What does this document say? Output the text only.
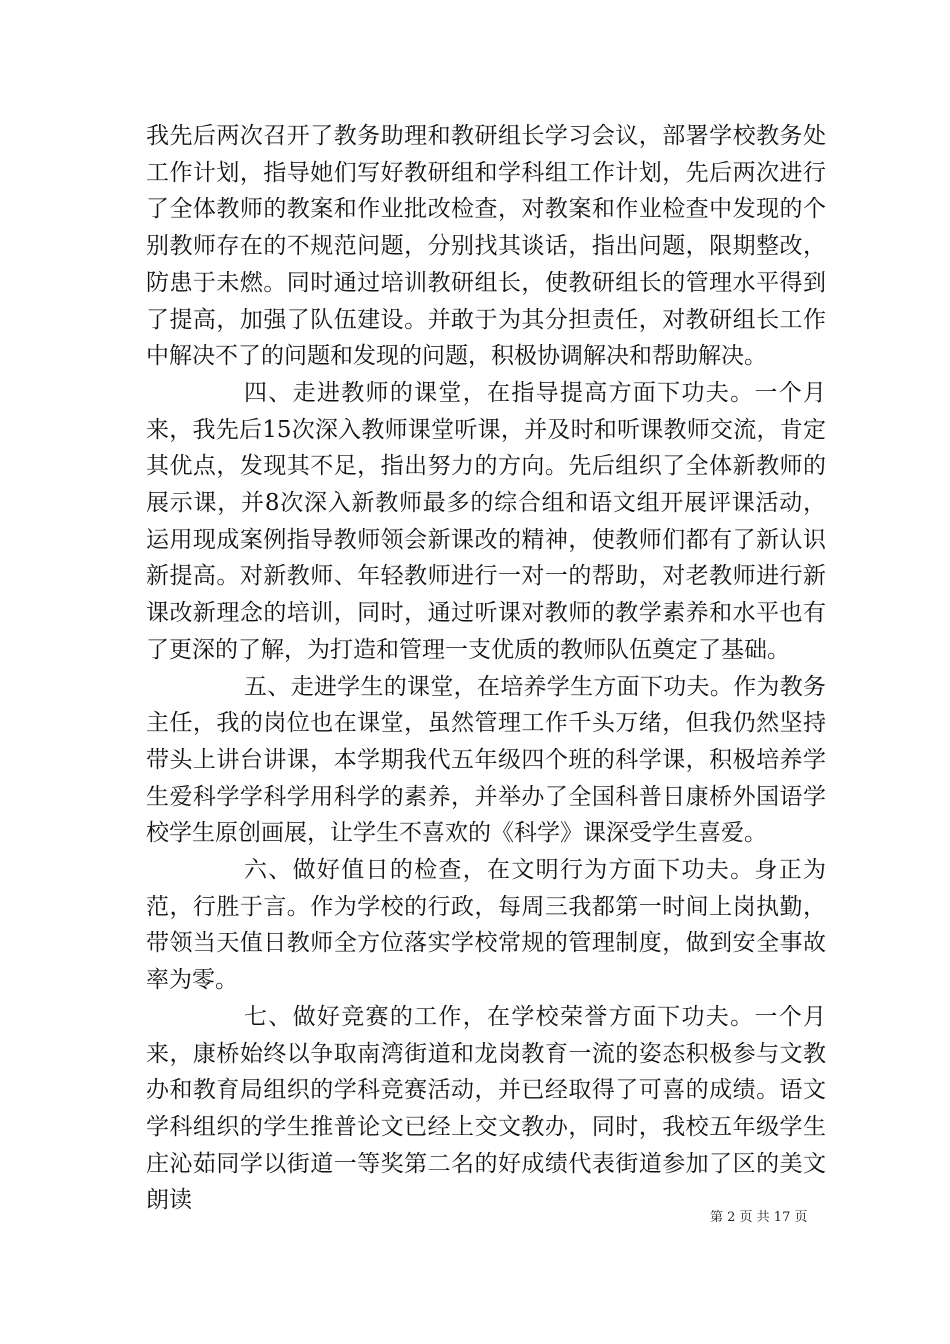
我先后两次召开了教务助理和教研组长学习会议，部署学校教务处工作计划，指导她们写好教研组和学科组工作计划，先后两次进行了全体教师的教案和作业批改检查，对教案和作业检查中发现的个别教师存在的不规范问题，分别找其谈话，指出问题，限期整改，防患于未燃。同时通过培训教研组长，使教研组长的管理水平得到了提高，加强了队伍建设。并敢于为其分担责任，对教研组长工作中解决不了的问题和发现的问题，积极协调解决和帮助解决。

四、走进教师的课堂，在指导提高方面下功夫。一个月来，我先后15次深入教师课堂听课，并及时和听课教师交流，肯定其优点，发现其不足，指出努力的方向。先后组织了全体新教师的展示课，并8次深入新教师最多的综合组和语文组开展评课活动，运用现成案例指导教师领会新课改的精神，使教师们都有了新认识新提高。对新教师、年轻教师进行一对一的帮助，对老教师进行新课改新理念的培训，同时，通过听课对教师的教学素养和水平也有了更深的了解，为打造和管理一支优质的教师队伍奠定了基础。

五、走进学生的课堂，在培养学生方面下功夫。作为教务主任，我的岗位也在课堂，虽然管理工作千头万绪，但我仍然坚持带头上讲台讲课，本学期我代五年级四个班的科学课，积极培养学生爱科学学科学用科学的素养，并举办了全国科普日康桥外国语学校学生原创画展，让学生不喜欢的《科学》课深受学生喜爱。

六、做好值日的检查，在文明行为方面下功夫。身正为范，行胜于言。作为学校的行政，每周三我都第一时间上岗执勤，带领当天值日教师全方位落实学校常规的管理制度，做到安全事故率为零。

七、做好竞赛的工作，在学校荣誉方面下功夫。一个月来，康桥始终以争取南湾街道和龙岗教育一流的姿态积极参与文教办和教育局组织的学科竞赛活动，并已经取得了可喜的成绩。语文学科组织的学生推普论文已经上交文教办，同时，我校五年级学生庄沁茹同学以街道一等奖第二名的好成绩代表街道参加了区的美文朗读

第 2 页 共 17 页
